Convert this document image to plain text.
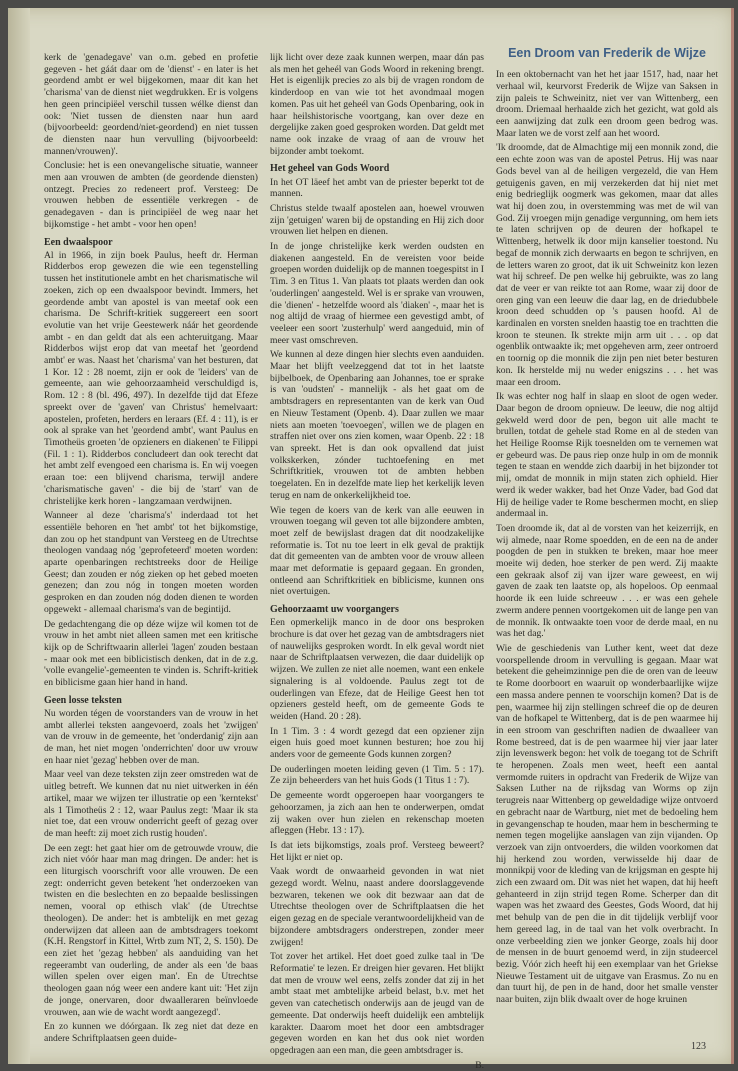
kerk de 'genadegave' van o.m. gebed en profetie gegeven - het gáát daar om de 'dienst' - en later is het geordend ambt er wel bijgekomen, maar dit kan het 'charisma' van de dienst niet wegdrukken. Er is volgens hen geen principiëel verschil tussen wélke dienst dan ook: 'Niet tussen de diensten naar hun aard (bijvoorbeeld: geordend/niet-geordend) en niet tussen de diensten naar hun vervulling (bijvoorbeeld: mannen/vrouwen)'.

Conclusie: het is een onevangelische situatie, wanneer men aan vrouwen de ambten (de geordende diensten) ontzegt. Precies zo redeneert prof. Versteeg: De vrouwen hebben de essentiële verkregen - de genadegaven - dan is principiëel de weg naar het bijkomstige - het ambt - voor hen open!

Een dwaalspoor

Al in 1966, in zijn boek Paulus, heeft dr. Herman Ridderbos erop gewezen die wie een tegenstelling tussen het institutionele ambt en het charismatische wil zoeken, zich op een dwaalspoor bevindt. Immers, het geordende ambt van apostel is van meetaf ook een charisma. De Schrift-kritiek suggereert een soort evolutie van het vrije Geestewerk náár het geordende ambt - en dan geldt dat als een achteruitgang. Maar Ridderbos wijst erop dat van meetaf het 'geordend ambt' er was. Naast het 'charisma' van het besturen, dat 1 Kor. 12 : 28 noemt, zijn er ook de 'leiders' van de gemeente, aan wie gehoorzaamheid verschuldigd is, Rom. 12 : 8 (bl. 496, 497). In dezelfde tijd dat Efeze spreekt over de 'gaven' van Christus' hemelvaart: apostelen, profeten, herders en leraars (Ef. 4 : 11), is er ook al sprake van het 'geordend ambt', want Paulus en Timotheüs groeten 'de opzieners en diakenen' te Filippi (Fil. 1 : 1). Ridderbos concludeert dan ook terecht dat het ambt zelf evengoed een charisma is. En wij voegen eraan toe: een blijvend charisma, terwijl andere 'charismatische gaven' - die bij de 'start' van de christelijke kerk horen - langzamaan verdwijnen.

Wanneer al deze 'charisma's' inderdaad tot het essentiële behoren en 'het ambt' tot het bijkomstige, dan zou op het standpunt van Versteeg en de Utrechtse theologen vandaag nóg 'geprofeteerd' moeten worden: aparte openbaringen rechtstreeks door de Heilige Geest; dan zouden er nóg zieken op het gebed moeten genezen; dan zou nóg in tongen moeten worden gesproken en dan zouden nóg doden dienen te worden opgewekt - allemaal charisma's van de begintijd.

De gedachtengang die op déze wijze wil komen tot de vrouw in het ambt niet alleen samen met een kritische kijk op de Schriftwaarin allerlei 'lagen' zouden bestaan - maar ook met een biblicistisch denken, dat in de z.g. 'volle evangelie'-gemeenten te vinden is. Schrift-kritiek en biblicisme gaan hier hand in hand.

Geen losse teksten

Nu worden tégen de voorstanders van de vrouw in het ambt allerlei teksten aangevoerd, zoals het 'zwijgen' van de vrouw in de gemeente, het 'onderdanig' zijn aan de man, het niet mogen 'onderrichten' door uw vrouw en haar niet 'gezag' hebben over de man.

Maar veel van deze teksten zijn zeer omstreden wat de uitleg betreft. We kunnen dat nu niet uitwerken in één artikel, maar we wijzen ter illustratie op een 'kerntekst' als 1 Timotheüs 2 : 12, waar Paulus zegt: 'Maar ik sta niet toe, dat een vrouw onderricht geeft of gezag over de man heeft: zij moet zich rustig houden'.

De een zegt: het gaat hier om de getrouwde vrouw, die zich niet vóór haar man mag dringen. De ander: het is een liturgisch voorschrift voor alle vrouwen. De een zegt: onderricht geven betekent 'het onderzoeken van twisten en die beslechten en zo bepaalde beslissingen nemen, vooral op ethisch vlak' (de Utrechtse theologen). De ander: het is ambtelijk en met gezag onderwijzen dat alleen aan de ambtsdragers toekomt (K.H. Rengstorf in Kittel, Wrtb zum NT, 2, S. 150). De een ziet het 'gezag hebben' als aanduiding van het regeerambt van ouderling, de ander als een 'de baas willen spelen over eigen man'. En de Utrechtse theologen gaan nóg weer een andere kant uit: 'Het zijn de jonge, onervaren, door dwaalleraren beïnvloede vrouwen, aan wie de wacht wordt aangezegd'.

En zo kunnen we dóórgaan. Ik zeg niet dat deze en andere Schriftplaatsen geen duide-

lijk licht over deze zaak kunnen werpen, maar dán pas als men het geheél van Gods Woord in rekening brengt. Het is eigenlijk precies zo als bij de vragen rondom de kinderdoop en van wie tot het avondmaal mogen komen. Pas uit het geheél van Gods Openbaring, ook in haar heilshistorische voortgang, kan over deze en dergelijke zaken goed gesproken worden. Dat geldt met name ook inzake de vraag of aan de vrouw het bijzonder ambt toekomt.

Het geheel van Gods Woord

In het OT läeef het ambt van de priester beperkt tot de mannen.

Christus stelde twaalf apostelen aan, hoewel vrouwen zijn 'getuigen' waren bij de opstanding en Hij zich door vrouwen liet helpen en dienen.

In de jonge christelijke kerk werden oudsten en diakenen aangesteld. En de vereisten voor beide groepen worden duidelijk op de mannen toegespitst in I Tim. 3 en Titus 1. Van plaats tot plaats werden dan ook 'ouderlingen' aangesteld. Wel is er sprake van vrouwen, die 'dienen' - hetzelfde woord als 'diaken' -, maar het is nog altijd de vraag of hiermee een gevestigd ambt, of veeleer een soort 'zusterhulp' werd aangeduid, min of meer vast omschreven.

We kunnen al deze dingen hier slechts even aanduiden. Maar het blijft veelzeggend dat tot in het laatste bijbelboek, de Openbaring aan Johannes, toe er sprake is van 'oudsten' - mannelijk - als het gaat om de ambtsdragers en representanten van de kerk van Oud en Nieuw Testament (Openb. 4). Daar zullen we maar niets aan moeten 'toevoegen', willen we de plagen en straffen niet over ons zien komen, waar Openb. 22 : 18 van spreekt. Het is dan ook opvallend dat juist volkskerken, zónder tuchtoefening en met Schriftkritiek, vrouwen tot de ambten hebben toegelaten. En in dezelfde mate liep het kerkelijk leven terug en nam de onkerkelijkheid toe.

Wie tegen de koers van de kerk van alle eeuwen in vrouwen toegang wil geven tot alle bijzondere ambten, moet zelf de bewijslast dragen dat dit noodzakelijke reformatie is. Tot nu toe leert in elk geval de praktijk dat dit gemeenten van de ambten voor de vrouw alleen maar met deformatie is gepaard gegaan. En gronden, ontleend aan Schriftkritiek en biblicisme, kunnen ons niet overtuigen.

Gehoorzaamt uw voorgangers

Een opmerkelijk manco in de door ons besproken brochure is dat over het gezag van de ambtsdragers niet of nauwelijks gesproken wordt. In elk geval wordt niet naar de Schriftplaatsen verwezen, die daar duidelijk op wijzen. We zullen ze niet alle noemen, want een enkele signalering is al voldoende. Paulus zegt tot de ouderlingen van Efeze, dat de Heilige Geest hen tot opzieners gesteld heeft, om de gemeente Gods te weiden (Hand. 20 : 28).

In 1 Tim. 3 : 4 wordt gezegd dat een opziener zijn eigen huis goed moet kunnen besturen; hoe zou hij anders voor de gemeente Gods kunnen zorgen?

De ouderlingen moeten leiding geven (1 Tim. 5 : 17). Ze zijn beheerders van het huis Gods (1 Titus 1 : 7).

De gemeente wordt opgeroepen haar voorgangers te gehoorzamen, ja zich aan hen te onderwerpen, omdat zij waken over hun zielen en rekenschap moeten afleggen (Hebr. 13 : 17).

Is dat iets bijkomstigs, zoals prof. Versteeg beweert? Het lijkt er niet op.

Vaak wordt de onwaarheid gevonden in wat niet gezegd wordt. Welnu, naast andere doorslaggevende bezwaren, tekenen we ook dit bezwaar aan dat de Utrechtse theologen over de Schriftplaatsen die het eigen gezag en de speciale verantwoordelijkheid van de bijzondere ambtsdragers onderstrepen, zonder meer zwijgen!

Tot zover het artikel. Het doet goed zulke taal in 'De Reformatie' te lezen. Er dreigen hier gevaren. Het blijkt dat men de vrouw wel eens, zelfs zonder dat zij in het ambt staat met ambtelijke arbeid belast, b.v. met het geven van catechetisch onderwijs aan de jeugd van de gemeente. Dat onderwijs heeft duidelijk een ambtelijk karakter. Daarom moet het door een ambtsdrager gegeven worden en kan het dus ook niet worden opgedragen aan een man, die geen ambtsdrager is.

B.
Een Droom van Frederik de Wijze

In een oktobernacht van het het jaar 1517, had, naar het verhaal wil, keurvorst Frederik de Wijze van Saksen in zijn paleis te Schweinitz, niet ver van Wittenberg, een droom. Driemaal herhaalde zich het gezicht, wat gold als een aanwijzing dat zulk een droom geen bedrog was. Maar laten we de vorst zelf aan het woord.

'Ik droomde, dat de Almachtige mij een monnik zond, die een echte zoon was van de apostel Petrus. Hij was naar Gods bevel van al de heiligen vergezeld, die van Hem getuigenis gaven, en mij verzekerden dat hij niet met enig bedrieglijk oogmerk was gekomen, maar dat alles wat hij doen zou, in overstemming was met de wil van God. Zij vroegen mijn genadige vergunning, om hem iets te laten schrijven op de deuren der hofkapel te Wittenberg, hetwelk ik door mijn kanselier toestond. Nu begaf de monnik zich derwaarts en begon te schrijven, en de letters waren zo groot, dat ik uit Schweinitz kon lezen wat hij schreef. De pen welke hij gebruikte, was zo lang dat de veer er van reikte tot aan Rome, waar zij door de oren ging van een leeuw die daar lag, en de driedubbele kroon deed schudden op 's pausen hoofd. Al de kardinalen en vorsten snelden haastig toe en trachtten die kroon te steunen. Ik strekte mijn arm uit . . . op dat ogenblik ontwaakte ik; met opgeheven arm, zeer ontroerd en toornig op die monnik die zijn pen niet beter besturen kon. Ik herstelde mij nu weder enigszins . . . het was maar een droom.

Ik was echter nog half in slaap en sloot de ogen weder. Daar begon de droom opnieuw. De leeuw, die nog altijd gekweld werd door de pen, begon uit alle macht te brullen, totdat de gehele stad Rome en al de steden van het Heilige Roomse Rijk toesnelden om te vernemen wat er gebeurd was. De paus riep onze hulp in om de monnik tegen te staan en wendde zich daarbij in het bijzonder tot mij, omdat de monnik in mijn staten zich ophield. Hier werd ik weder wakker, bad het Onze Vader, bad God dat Hij de heilige vader te Rome beschermen mocht, en sliep andermaal in.

Toen droomde ik, dat al de vorsten van het keizerrijk, en wij almede, naar Rome spoedden, en de een na de ander poogden de pen in stukken te breken, maar hoe meer moeite wij deden, hoe sterker de pen werd. Zij maakte een gekraak alsof zij van ijzer ware geweest, en wij gaven de zaak ten laatste op, als hopeloos. Op eenmaal hoorde ik een luide schreeuw . . . er was een gehele zwerm andere pennen voortgekomen uit de lange pen van de monnik. Ik ontwaakte toen voor de derde maal, en nu was het dag.'

Wie de geschiedenis van Luther kent, weet dat deze voorspellende droom in vervulling is gegaan. Maar wat betekent die geheimzinnige pen die de oren van de leeuw te Rome doorboort en waaruit op wonderbaarlijke wijze een massa andere pennen te voorschijn komen? Dat is de pen, waarmee hij zijn stellingen schreef die op de deuren van de hofkapel te Wittenberg, dat is de pen waarmee hij in een stroom van geschriften nadien de dwaalleer van Rome bestreed, dat is de pen waarmee hij vier jaar later zijn levenswerk begon: het volk de toegang tot de Schrift te heropenen. Zoals men weet, heeft een aantal vermomde ruiters in opdracht van Frederik de Wijze van Saksen Luther na de rijksdag van Worms op zijn terugreis naar Wittenberg op geweldadige wijze ontvoerd en gebracht naar de Wartburg, niet met de bedoeling hem in gevangenschap te houden, maar hem in bescherming te nemen tegen mogelijke aanslagen van zijn vijanden. Op verzoek van zijn ontvoerders, die wilden voorkomen dat hij herkend zou worden, verwisselde hij daar de monnikpij voor de kleding van de krijgsman en gespte hij zich een zwaard om. Dit was niet het wapen, dat hij heeft gehanteerd in zijn strijd tegen Rome. Scherper dan dit wapen was het zwaard des Geestes, Gods Woord, dat hij met behulp van de pen die in dit tijdelijk verblijf voor hem gereed lag, in de taal van het volk overbracht. In onze verbeelding zien we jonker George, zoals hij door de mensen in de buurt genoemd werd, in zijn studeercel bezig. Vóór zich heeft hij een exemplaar van het Griekse Nieuwe Testament uit de uitgave van Erasmus. Zo nu en dan tuurt hij, de pen in de hand, door het smalle venster naar buiten, zijn blik dwaalt over de hoge kruinen

123
